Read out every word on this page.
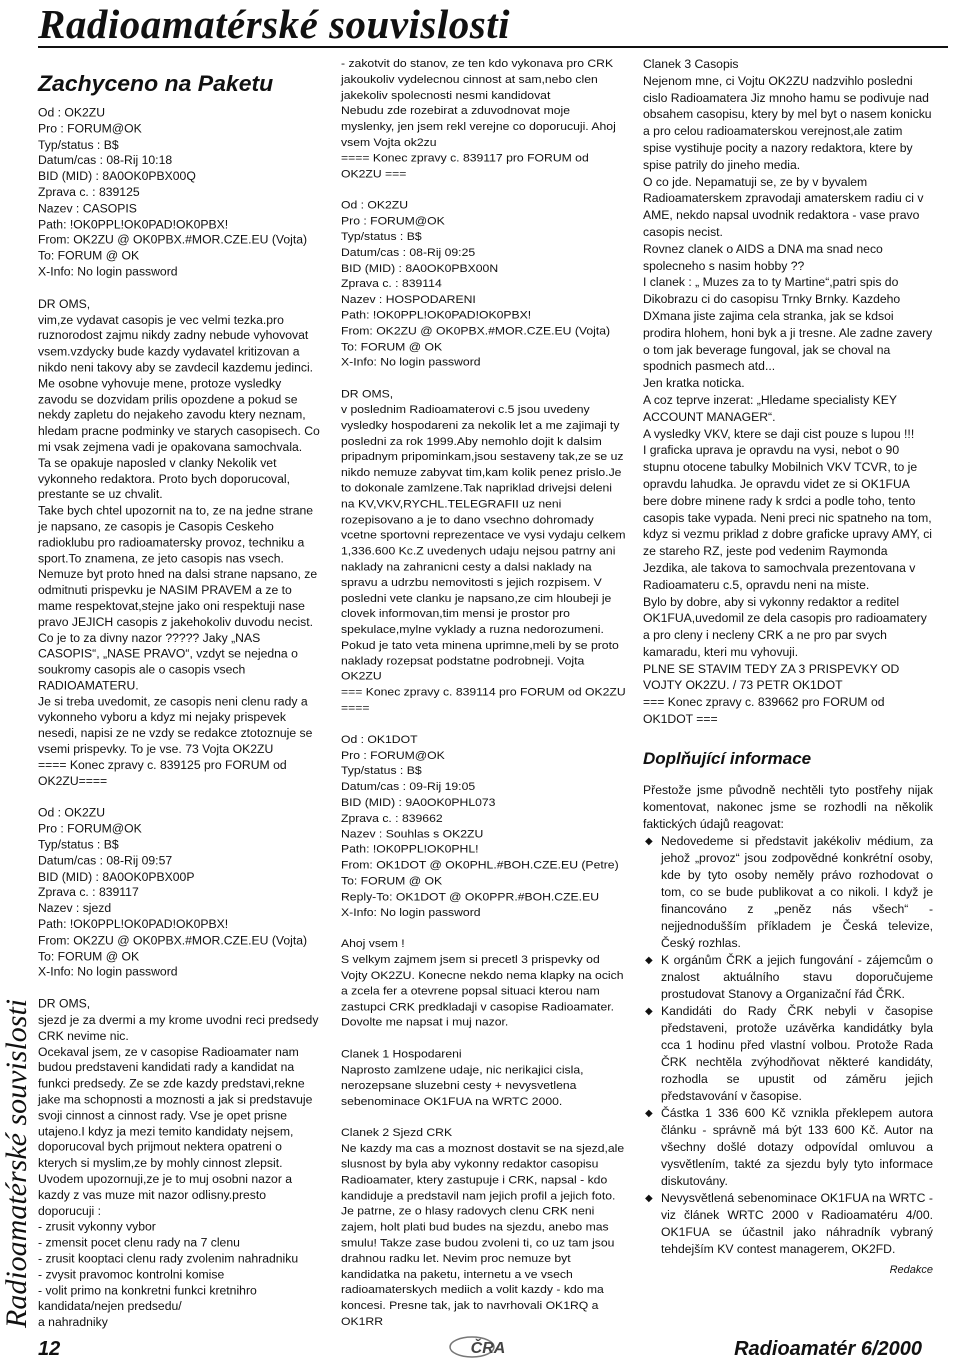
Radioamatérské souvislosti
Radioamatérské souvislosti
Zachyceno na Paketu

Od : OK2ZU
Pro : FORUM@OK
Typ/status : B$
Datum/cas : 08-Rij 10:18
BID (MID) : 8A0OK0PBX00Q
Zprava c. : 839125
Nazev : CASOPIS
Path: !OK0PPL!OK0PAD!OK0PBX!
From: OK2ZU @ OK0PBX.#MOR.CZE.EU (Vojta)
To: FORUM @ OK
X-Info: No login password

DR OMS,
vim,ze vydavat casopis je vec velmi tezka.pro ruznorodost zajmu nikdy zadny nebude vyhovovat vsem.vzdycky bude kazdy vydavatel kritizovan a nikdo neni takovy aby se zavdecil kazdemu jedinci. Me osobne vyhovuje mene, protoze vysledky zavodu se dozvidam prilis opozdene a pokud se nekdy zapletu do nejakeho zavodu ktery neznam, hledam pracne podminky ve starych casopisech. Co mi vsak zejmena vadi je opakovana samochvala.
Ta se opakuje naposled v clanky Nekolik vet vykonneho redaktora. Proto bych doporucoval, prestante se uz chvalit.
Take bych chtel upozornit na to, ze na jedne strane je napsano, ze casopis je Casopis Ceskeho radioklubu pro radioamatersky provoz, techniku a sport.To znamena, ze jeto casopis nas vsech. Nemuze byt proto hned na dalsi strane napsano, ze odmitnuti prispevku je NASIM PRAVEM a ze to mame respektovat,stejne jako oni respektuji nase pravo JEJICH casopis z jakehokoliv duvodu necist. Co je to za divny nazor ????? Jaky „NAS CASOPIS“, „NASE PRAVO“, vzdyt se nejedna o soukromy casopis ale o casopis vsech RADIOAMATERU.
Je si treba uvedomit, ze casopis neni clenu rady a vykonneho vyboru a kdyz mi nejaky prispevek nesedi, napisi ze ne vzdy se redakce ztotoznuje se vsemi prispevky. To je vse. 73 Vojta OK2ZU
==== Konec zpravy c. 839125 pro FORUM od OK2ZU====

Od : OK2ZU
Pro : FORUM@OK
Typ/status : B$
Datum/cas : 08-Rij 09:57
BID (MID) : 8A0OK0PBX00P
Zprava c. : 839117
Nazev : sjezd
Path: !OK0PPL!OK0PAD!OK0PBX!
From: OK2ZU @ OK0PBX.#MOR.CZE.EU (Vojta)
To: FORUM @ OK
X-Info: No login password

DR OMS,
sjezd je za dvermi a my krome uvodni reci predsedy CRK nevime nic.
Ocekaval jsem, ze v casopise Radioamater nam budou predstaveni kandidati rady a kandidat na funkci predsedy. Ze se zde kazdy predstavi,rekne jake ma schopnosti a moznosti a jak si predstavuje svoji cinnost a cinnost rady. Vse je opet prisne utajeno.I kdyz ja mezi temito kandidaty nejsem,
doporucoval bych prijmout nektera opatreni o kterych si myslim,ze by mohly cinnost zlepsit. Uvodem upozornuji,ze je to muj osobni nazor a kazdy z vas muze mit nazor odlisny.presto doporucuji :
- zrusit vykonny vybor
- zmensit pocet clenu rady na 7 clenu
- zrusit kooptaci clenu rady zvolenim nahradniku
- zvysit pravomoc kontrolni komise
- volit primo na konkretni funkci kretnihro kandidata/nejen predsedu/
a nahradniky

- zakotvit do stanov, ze ten kdo vykonava pro CRK jakoukoliv vydelecnou cinnost at sam,nebo clen jakekoliv spolecnosti nesmi kandidovat
Nebudu zde rozebirat a zduvodnovat moje myslenky, jen jsem rekl verejne co doporucuji. Ahoj vsem Vojta ok2zu
==== Konec zpravy c. 839117 pro FORUM od OK2ZU ===

Od : OK2ZU
Pro : FORUM@OK
Typ/status : B$
Datum/cas : 08-Rij 09:25
BID (MID) : 8A0OK0PBX00N
Zprava c. : 839114
Nazev : HOSPODARENI
Path: !OK0PPL!OK0PAD!OK0PBX!
From: OK2ZU @ OK0PBX.#MOR.CZE.EU (Vojta)
To: FORUM @ OK
X-Info: No login password

DR OMS,
v poslednim Radioamaterovi c.5 jsou uvedeny vysledky hospodareni za nekolik let a me zajimaji ty posledni za rok 1999.Aby nemohlo dojit k dalsim pripadnym pripominkam,jsou sestaveny tak,ze se uz nikdo nemuze zabyvat tim,kam kolik penez prislo.Je to dokonale zamlzene.Tak napriklad drivejsi deleni na KV,VKV,RYCHL.TELEGRAFII uz neni rozepisovano a je to dano vsechno dohromady vcetne sportovni reprezentace ve vysi vydaju celkem 1,336.600 Kc.Z uvedenych udaju nejsou patrny ani naklady na zahranicni cesty a dalsi naklady na spravu a udrzbu nemovitosti s jejich rozpisem. V posledni vete clanku je napsano,ze cim hloubeji je clovek informovan,tim mensi je prostor pro spekulace,mylne vyklady a ruzna nedorozumeni.
Pokud je tato veta minena uprimne,meli by se proto naklady rozepsat podstatne podrobneji. Vojta OK2ZU
=== Konec zpravy c. 839114 pro FORUM od OK2ZU ====

Od : OK1DOT
Pro : FORUM@OK
Typ/status : B$
Datum/cas : 09-Rij 19:05
BID (MID) : 9A0OK0PHL073
Zprava c. : 839662
Nazev : Souhlas s OK2ZU
Path: !OK0PPL!OK0PHL!
From: OK1DOT @ OK0PHL.#BOH.CZE.EU (Petre)
To: FORUM @ OK
Reply-To: OK1DOT @ OK0PPR.#BOH.CZE.EU
X-Info: No login password

Ahoj vsem !
S velkym zajmem jsem si precetl 3 prispevky od Vojty OK2ZU. Konecne nekdo nema klapky na ocich a zcela fer a otevrene popsal situaci kterou nam zastupci CRK predkladaji v casopise Radioamater. Dovolte me napsat i muj nazor.

Clanek 1 Hospodareni
Naprosto zamlzene udaje, nic nerikajici cisla, nerozepsane sluzebni cesty + nevysvetlena sebenominace OK1FUA na WRTC 2000.

Clanek 2 Sjezd CRK
Ne kazdy ma cas a moznost dostavit se na sjezd,ale slusnost by byla aby vykonny redaktor casopisu Radioamater, ktery zastupuje i CRK, napsal - kdo kandiduje a predstavil nam jejich profil a jejich foto.
Je patrne, ze o hlasy radovych clenu CRK neni zajem, holt plati bud budes na sjezdu, anebo mas smulu! Takze zase budou zvoleni ti, co uz tam jsou drahnou radku let. Nevim proc nemuze byt kandidatka na paketu, internetu a ve vsech radioamaterskych mediich a volit kazdy - kdo ma koncesi. Presne tak, jak to navrhovali OK1RQ a OK1RR

Clanek 3 Casopis
Nejenom mne, ci Vojtu OK2ZU nadzvihlo posledni cislo Radioamatera Jiz mnoho hamu se podivuje nad obsahem casopisu, ktery by mel byt o nasem konicku a pro celou radioamaterskou verejnost,ale zatim spise vystihuje pocity a nazory redaktora, ktere by spise patrily do jineho media.
O co jde. Nepamatuji se, ze by v byvalem Radioamaterskem zpravodaji amaterskem radiu ci v AME, nekdo napsal uvodnik redaktora - vase pravo casopis necist.
Rovnez clanek o AIDS a DNA ma snad neco spolecneho s nasim hobby ??
I clanek : „ Muzes za to ty Martine“,patri spis do Dikobrazu ci do casopisu Trnky Brnky. Kazdeho DXmana jiste zajima cela stranka, jak se kdsoi prodira hlohem, honi byk a ji tresne. Ale zadne zavery o tom jak beverage fungoval, jak se choval na spodnich pasmech atd...
Jen kratka noticka.
A coz teprve inzerat: „Hledame specialisty KEY ACCOUNT MANAGER“.
A vysledky VKV, ktere se daji cist pouze s lupou !!!
I graficka uprava je opravdu na vysi, nebot o 90 stupnu otocene tabulky Mobilnich VKV TCVR, to je opravdu lahudka. Je opravdu videt ze si OK1FUA bere dobre minene rady k srdci a podle toho, tento casopis take vypada. Neni preci nic spatneho na tom, kdyz si vezmu priklad z dobre graficke upravy AMY, ci ze stareho RZ, jeste pod vedenim Raymonda Jezdika, ale takova to samochvala prezentovana v Radioamateru c.5, opravdu neni na miste.
Bylo by dobre, aby si vykonny redaktor a reditel OK1FUA,uvedomil ze dela casopis pro radioamatery a pro cleny i necleny CRK a ne pro par svych kamaradu, kteri mu vyhovuji.
PLNE SE STAVIM TEDY ZA 3 PRISPEVKY OD VOJTY OK2ZU. / 73 PETR OK1DOT
=== Konec zpravy c. 839662 pro FORUM od OK1DOT ===

Doplňující informace

Přestože jsme původně nechtěli tyto postřehy nijak komentovat, nakonec jsme se rozhodli na několik faktických údajů reagovat:

◆ Nedovedeme si představit jakékoliv médium, za jehož „provoz“ jsou zodpovědné konkrétní osoby, kde by tyto osoby neměly právo rozhodovat o tom, co se bude publikovat a co nikoli. I když je financováno z „peněz nás všech“ - nejjednodušším příkladem je Česká televize, Český rozhlas.
◆ K orgánům ČRK a jejich fungování - zájemcům o znalost aktuálního stavu doporučujeme prostudovat Stanovy a Organizační řád ČRK.
◆ Kandidáti do Rady ČRK nebyli v časopise představeni, protože uzávěrka kandidátky byla cca 1 hodinu před vlastní volbou. Protože Rada ČRK nechtěla zvýhodňovat některé kandidáty, rozhodla se upustit od záměru jejich představování v časopise.
◆ Částka 1 336 600 Kč vznikla překlepem autora článku - správně má být 133 600 Kč. Autor na všechny došlé dotazy odpovídal omluvou a vysvětlením, takté za sjezdu byly tyto informace diskutovány.
◆ Nevysvětlená sebenominace OK1FUA na WRTC - viz článek WRTC 2000 v Radioamatéru 4/00. OK1FUA se účastnil jako náhradník vybraný tehdejším KV contest managerem, OK2FD.
Redakce
12	ČRA	Radioamatér 6/2000
